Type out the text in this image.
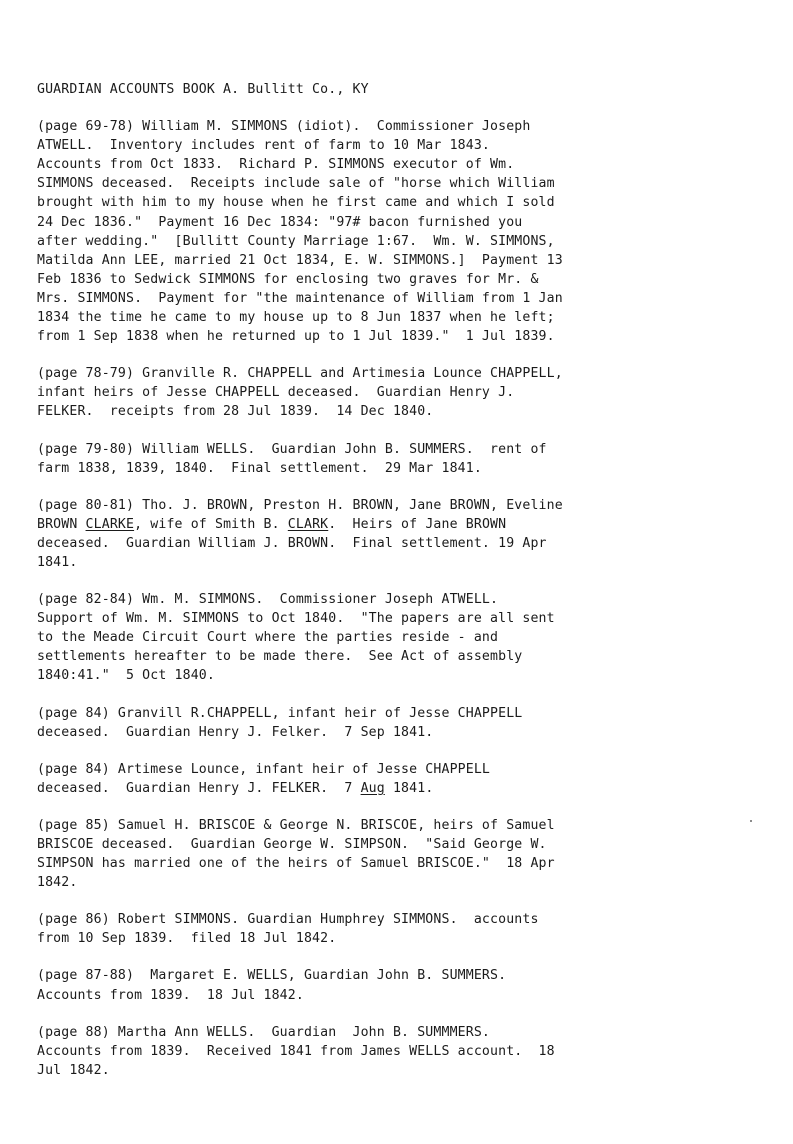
GUARDIAN ACCOUNTS BOOK A. Bullitt Co., KY
(page 69-78) William M. SIMMONS (idiot).  Commissioner Joseph
ATWELL.  Inventory includes rent of farm to 10 Mar 1843.
Accounts from Oct 1833.  Richard P. SIMMONS executor of Wm.
SIMMONS deceased.  Receipts include sale of "horse which William
brought with him to my house when he first came and which I sold
24 Dec 1836."  Payment 16 Dec 1834: "97# bacon furnished you
after wedding."  [Bullitt County Marriage 1:67.  Wm. W. SIMMONS,
Matilda Ann LEE, married 21 Oct 1834, E. W. SIMMONS.]  Payment 13
Feb 1836 to Sedwick SIMMONS for enclosing two graves for Mr. &
Mrs. SIMMONS.  Payment for "the maintenance of William from 1 Jan
1834 the time he came to my house up to 8 Jun 1837 when he left;
from 1 Sep 1838 when he returned up to 1 Jul 1839."  1 Jul 1839.
(page 78-79) Granville R. CHAPPELL and Artimesia Lounce CHAPPELL,
infant heirs of Jesse CHAPPELL deceased.  Guardian Henry J.
FELKER.  receipts from 28 Jul 1839.  14 Dec 1840.
(page 79-80) William WELLS.  Guardian John B. SUMMERS.  rent of
farm 1838, 1839, 1840.  Final settlement.  29 Mar 1841.
(page 80-81) Tho. J. BROWN, Preston H. BROWN, Jane BROWN, Eveline
BROWN CLARKE, wife of Smith B. CLARK.  Heirs of Jane BROWN
deceased.  Guardian William J. BROWN.  Final settlement. 19 Apr
1841.
(page 82-84) Wm. M. SIMMONS.  Commissioner Joseph ATWELL.
Support of Wm. M. SIMMONS to Oct 1840.  "The papers are all sent
to the Meade Circuit Court where the parties reside - and
settlements hereafter to be made there.  See Act of assembly
1840:41."  5 Oct 1840.
(page 84) Granvill R.CHAPPELL, infant heir of Jesse CHAPPELL
deceased.  Guardian Henry J. Felker.  7 Sep 1841.
(page 84) Artimese Lounce, infant heir of Jesse CHAPPELL
deceased.  Guardian Henry J. FELKER.  7 Aug 1841.
(page 85) Samuel H. BRISCOE & George N. BRISCOE, heirs of Samuel
BRISCOE deceased.  Guardian George W. SIMPSON.  "Said George W.
SIMPSON has married one of the heirs of Samuel BRISCOE."  18 Apr
1842.
(page 86) Robert SIMMONS. Guardian Humphrey SIMMONS.  accounts
from 10 Sep 1839.  filed 18 Jul 1842.
(page 87-88)  Margaret E. WELLS, Guardian John B. SUMMERS.
Accounts from 1839.  18 Jul 1842.
(page 88) Martha Ann WELLS.  Guardian  John B. SUMMMERS.
Accounts from 1839.  Received 1841 from James WELLS account.  18
Jul 1842.
